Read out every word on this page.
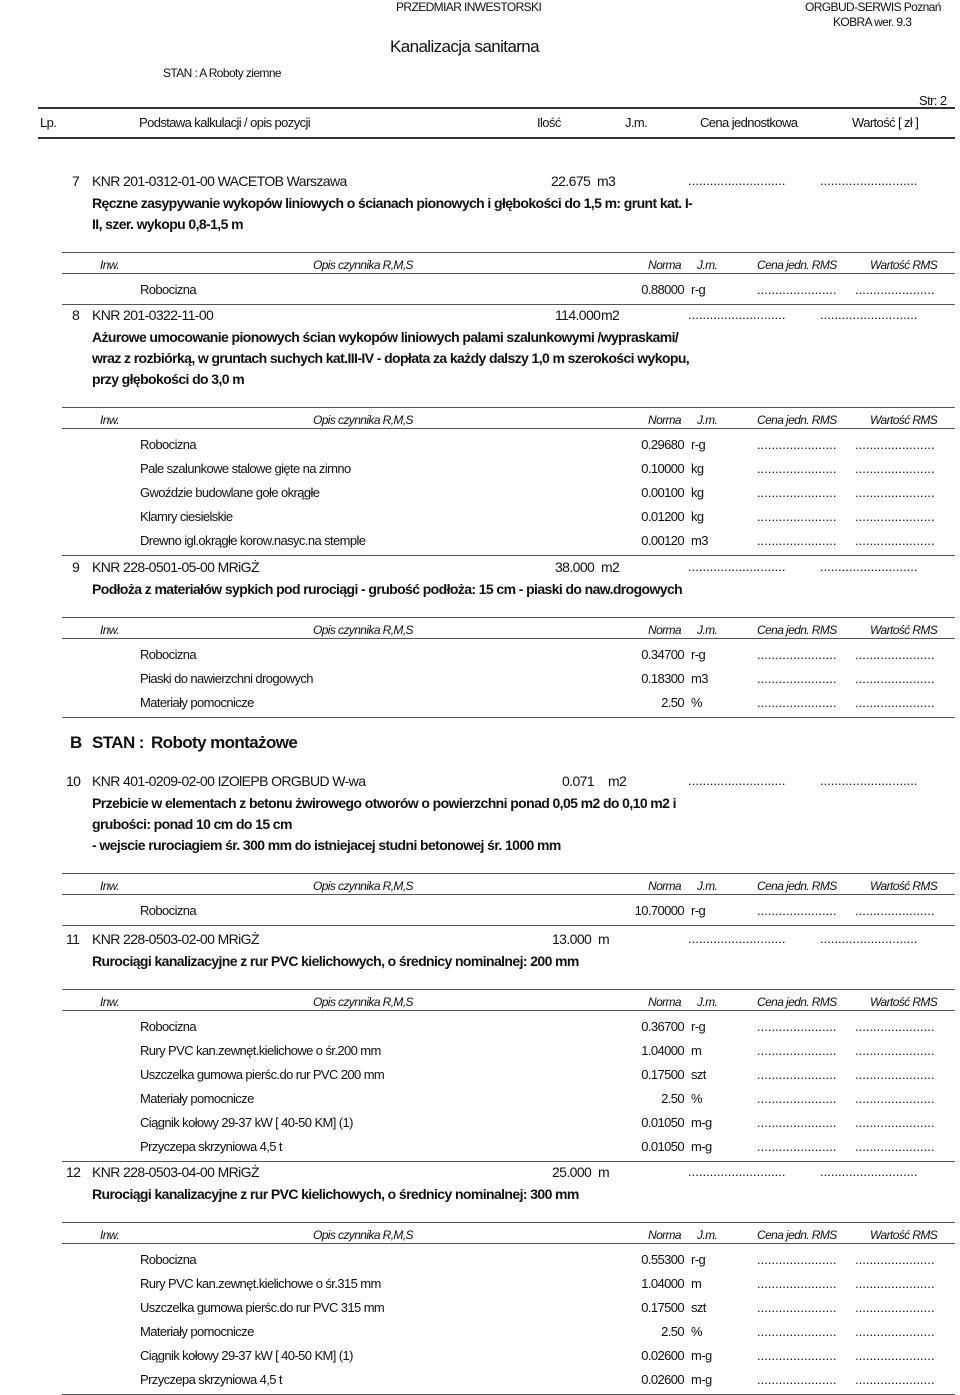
PRZEDMIAR INWESTORSKI	ORGBUD-SERWIS Poznań
KOBRA wer. 9.3
Kanalizacja sanitarna
STAN : A Roboty ziemne
Str: 2
Lp.	Podstawa kalkulacji / opis pozycji	Ilość	J.m.	Cena jednostkowa	Wartość [ zł ]
7 KNR 201-0312-01-00 WACETOB Warszawa	22.675 m3	...........................	...........................
Ręczne zasypywanie wykopów liniowych o ścianach pionowych i głębokości do 1,5 m: grunt kat. I-II, szer. wykopu 0,8-1,5 m
Inw.	Opis czynnika R,M,S	Norma J.m.	Cena jedn. RMS	Wartość RMS
Robocizna	0.88000 r-g	...................... ......................
8 KNR 201-0322-11-00	114.000 m2	...........................	...........................
Ażurowe umocowanie pionowych ścian wykopów liniowych palami szalunkowymi /wypraskami/ wraz z rozbiórką, w gruntach suchych kat.III-IV - dopłata za każdy dalszy 1,0 m szerokości wykopu, przy głębokości do 3,0 m
Inw.	Opis czynnika R,M,S	Norma J.m.	Cena jedn. RMS	Wartość RMS
Robocizna	0.29680 r-g	...................... ......................
Pale szalunkowe stalowe gięte na zimno	0.10000 kg	...................... ......................
Gwoździe budowlane gołe okrągłe	0.00100 kg	...................... ......................
Klamry ciesielskie	0.01200 kg	...................... ......................
Drewno igl.okrągłe korow.nasyc.na stemple	0.00120 m3	...................... ......................
9 KNR 228-0501-05-00 MRiGŻ	38.000 m2	...........................	...........................
Podłoża z materiałów sypkich pod rurociągi - grubość podłoża: 15 cm - piaski do naw.drogowych
Inw.	Opis czynnika R,M,S	Norma J.m.	Cena jedn. RMS	Wartość RMS
Robocizna	0.34700 r-g	...................... ......................
Piaski do nawierzchni drogowych	0.18300 m3	...................... ......................
Materiały pomocnicze	2.50 %	...................... ......................
B STAN : Roboty montażowe
10 KNR 401-0209-02-00 IZOlEPB ORGBUD W-wa	0.071 m2	...........................	...........................
Przebicie w elementach z betonu żwirowego otworów o powierzchni ponad 0,05 m2 do 0,10 m2 i grubości: ponad 10 cm do 15 cm
- wejscie rurociagiem śr. 300 mm do istniejacej studni betonowej śr. 1000 mm
Inw.	Opis czynnika R,M,S	Norma J.m.	Cena jedn. RMS	Wartość RMS
Robocizna	10.70000 r-g	...................... ......................
11 KNR 228-0503-02-00 MRiGŻ	13.000 m	...........................	...........................
Rurociągi kanalizacyjne z rur PVC kielichowych, o średnicy nominalnej: 200 mm
Inw.	Opis czynnika R,M,S	Norma J.m.	Cena jedn. RMS	Wartość RMS
Robocizna	0.36700 r-g	...................... ......................
Rury PVC kan.zewnęt.kielichowe o śr.200 mm	1.04000 m	...................... ......................
Uszczelka gumowa pierśc.do rur PVC 200 mm	0.17500 szt	...................... ......................
Materiały pomocnicze	2.50 %	...................... ......................
Ciągnik kołowy 29-37 kW [ 40-50 KM] (1)	0.01050 m-g	...................... ......................
Przyczepa skrzyniowa 4,5 t	0.01050 m-g	...................... ......................
12 KNR 228-0503-04-00 MRiGŻ	25.000 m	...........................	...........................
Rurociągi kanalizacyjne z rur PVC kielichowych, o średnicy nominalnej: 300 mm
Inw.	Opis czynnika R,M,S	Norma J.m.	Cena jedn. RMS	Wartość RMS
Robocizna	0.55300 r-g	...................... ......................
Rury PVC kan.zewnęt.kielichowe o śr.315 mm	1.04000 m	...................... ......................
Uszczelka gumowa pierśc.do rur PVC 315 mm	0.17500 szt	...................... ......................
Materiały pomocnicze	2.50 %	...................... ......................
Ciągnik kołowy 29-37 kW [ 40-50 KM] (1)	0.02600 m-g	...................... ......................
Przyczepa skrzyniowa 4,5 t	0.02600 m-g	...................... ......................
